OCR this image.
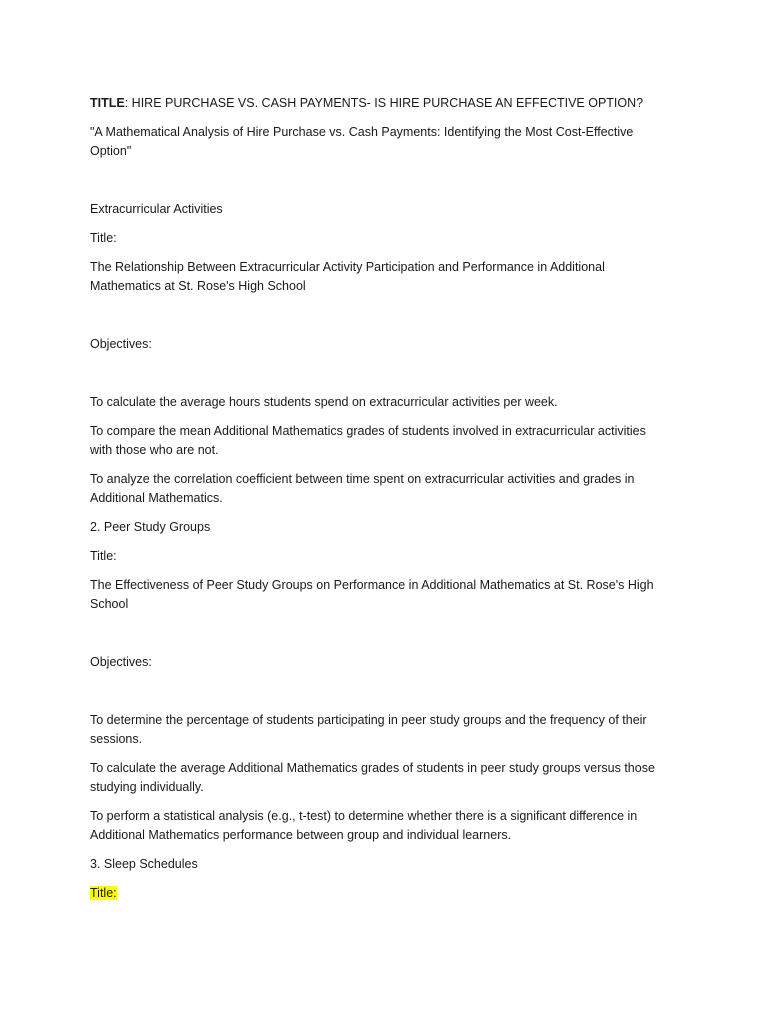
TITLE: HIRE PURCHASE VS. CASH PAYMENTS- IS HIRE PURCHASE AN EFFECTIVE OPTION?

"A Mathematical Analysis of Hire Purchase vs. Cash Payments: Identifying the Most Cost-Effective Option"

Extracurricular Activities

Title:

The Relationship Between Extracurricular Activity Participation and Performance in Additional Mathematics at St. Rose's High School

Objectives:

To calculate the average hours students spend on extracurricular activities per week.

To compare the mean Additional Mathematics grades of students involved in extracurricular activities with those who are not.

To analyze the correlation coefficient between time spent on extracurricular activities and grades in Additional Mathematics.

2. Peer Study Groups

Title:

The Effectiveness of Peer Study Groups on Performance in Additional Mathematics at St. Rose's High School

Objectives:

To determine the percentage of students participating in peer study groups and the frequency of their sessions.

To calculate the average Additional Mathematics grades of students in peer study groups versus those studying individually.

To perform a statistical analysis (e.g., t-test) to determine whether there is a significant difference in Additional Mathematics performance between group and individual learners.

3. Sleep Schedules

Title:
